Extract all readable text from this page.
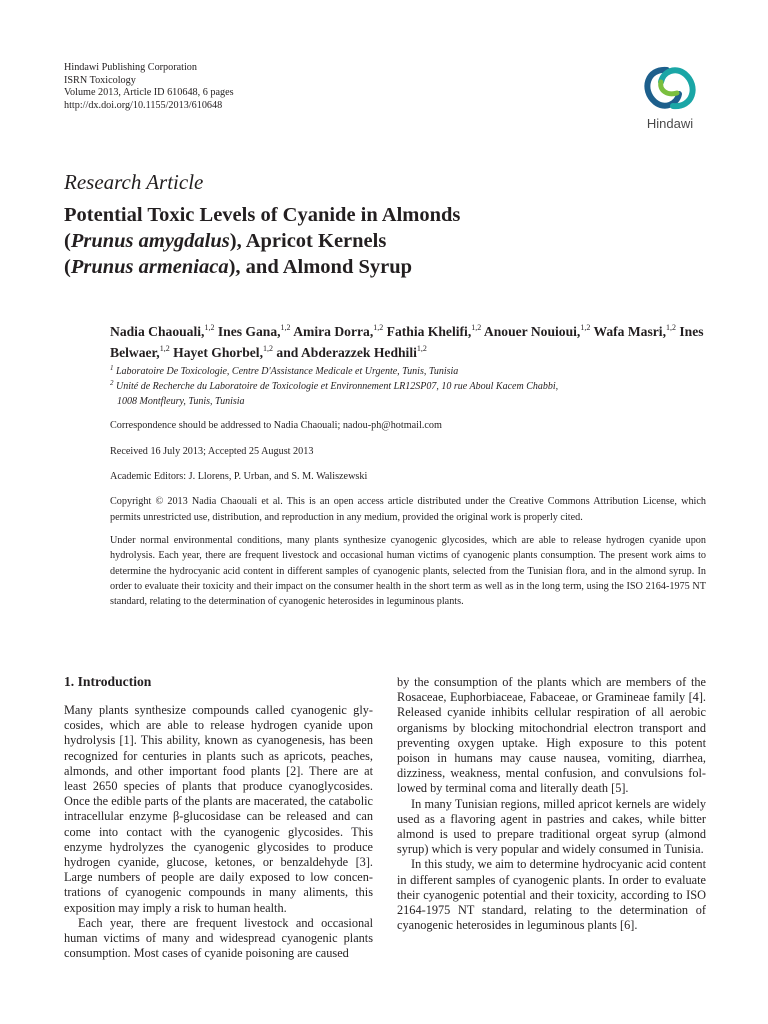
Hindawi Publishing Corporation
ISRN Toxicology
Volume 2013, Article ID 610648, 6 pages
http://dx.doi.org/10.1155/2013/610648
Hindawi
Research Article
Potential Toxic Levels of Cyanide in Almonds
(Prunus amygdalus), Apricot Kernels
(Prunus armeniaca), and Almond Syrup
Nadia Chaouali,$^{1,2}$ Ines Gana,$^{1,2}$ Amira Dorra,$^{1,2}$ Fathia Khelifi,$^{1,2}$ Anouer Nouioui,$^{1,2}$ Wafa Masri,$^{1,2}$ Ines Belwaer,$^{1,2}$ Hayet Ghorbel,$^{1,2}$ and Abderazzek Hedhili$^{1,2}$
$^1$ Laboratoire De Toxicologie, Centre D'Assistance Medicale et Urgente, Tunis, Tunisia
$^2$ Unité de Recherche du Laboratoire de Toxicologie et Environnement LR12SP07, 10 rue Aboul Kacem Chabbi,
1008 Montfleury, Tunis, Tunisia
Correspondence should be addressed to Nadia Chaouali; nadou-ph@hotmail.com
Received 16 July 2013; Accepted 25 August 2013
Academic Editors: J. Llorens, P. Urban, and S. M. Waliszewski
Copyright © 2013 Nadia Chaouali et al. This is an open access article distributed under the Creative Commons Attribution License, which permits unrestricted use, distribution, and reproduction in any medium, provided the original work is properly cited.
Under normal environmental conditions, many plants synthesize cyanogenic glycosides, which are able to release hydrogen cyanide upon hydrolysis. Each year, there are frequent livestock and occasional human victims of cyanogenic plants consumption. The present work aims to determine the hydrocyanic acid content in different samples of cyanogenic plants, selected from the Tunisian flora, and in the almond syrup. In order to evaluate their toxicity and their impact on the consumer health in the short term as well as in the long term, using the ISO 2164-1975 NT standard, relating to the determination of cyanogenic heterosides in leguminous plants.
1. Introduction

Many plants synthesize compounds called cyanogenic glycosides, which are able to release hydrogen cyanide upon hydrolysis [1]. This ability, known as cyanogenesis, has been recognized for centuries in plants such as apricots, peaches, almonds, and other important food plants [2]. There are at least 2650 species of plants that produce cyanoglycosides. Once the edible parts of the plants are macerated, the catabolic intracellular enzyme β-glucosidase can be released and can come into contact with the cyanogenic glycosides. This enzyme hydrolyzes the cyanogenic glycosides to produce hydrogen cyanide, glucose, ketones, or benzaldehyde [3]. Large numbers of people are daily exposed to low concentrations of cyanogenic compounds in many aliments, this exposition may imply a risk to human health.

Each year, there are frequent livestock and occasional human victims of many and widespread cyanogenic plants consumption. Most cases of cyanide poisoning are caused

by the consumption of the plants which are members of the Rosaceae, Euphorbiaceae, Fabaceae, or Gramineae family [4]. Released cyanide inhibits cellular respiration of all aerobic organisms by blocking mitochondrial electron transport and preventing oxygen uptake. High exposure to this potent poison in humans may cause nausea, vomiting, diarrhea, dizziness, weakness, mental confusion, and convulsions followed by terminal coma and literally death [5].

In many Tunisian regions, milled apricot kernels are widely used as a flavoring agent in pastries and cakes, while bitter almond is used to prepare traditional orgeat syrup (almond syrup) which is very popular and widely consumed in Tunisia.

In this study, we aim to determine hydrocyanic acid content in different samples of cyanogenic plants. In order to evaluate their cyanogenic potential and their toxicity, according to ISO 2164-1975 NT standard, relating to the determination of cyanogenic heterosides in leguminous plants [6].
